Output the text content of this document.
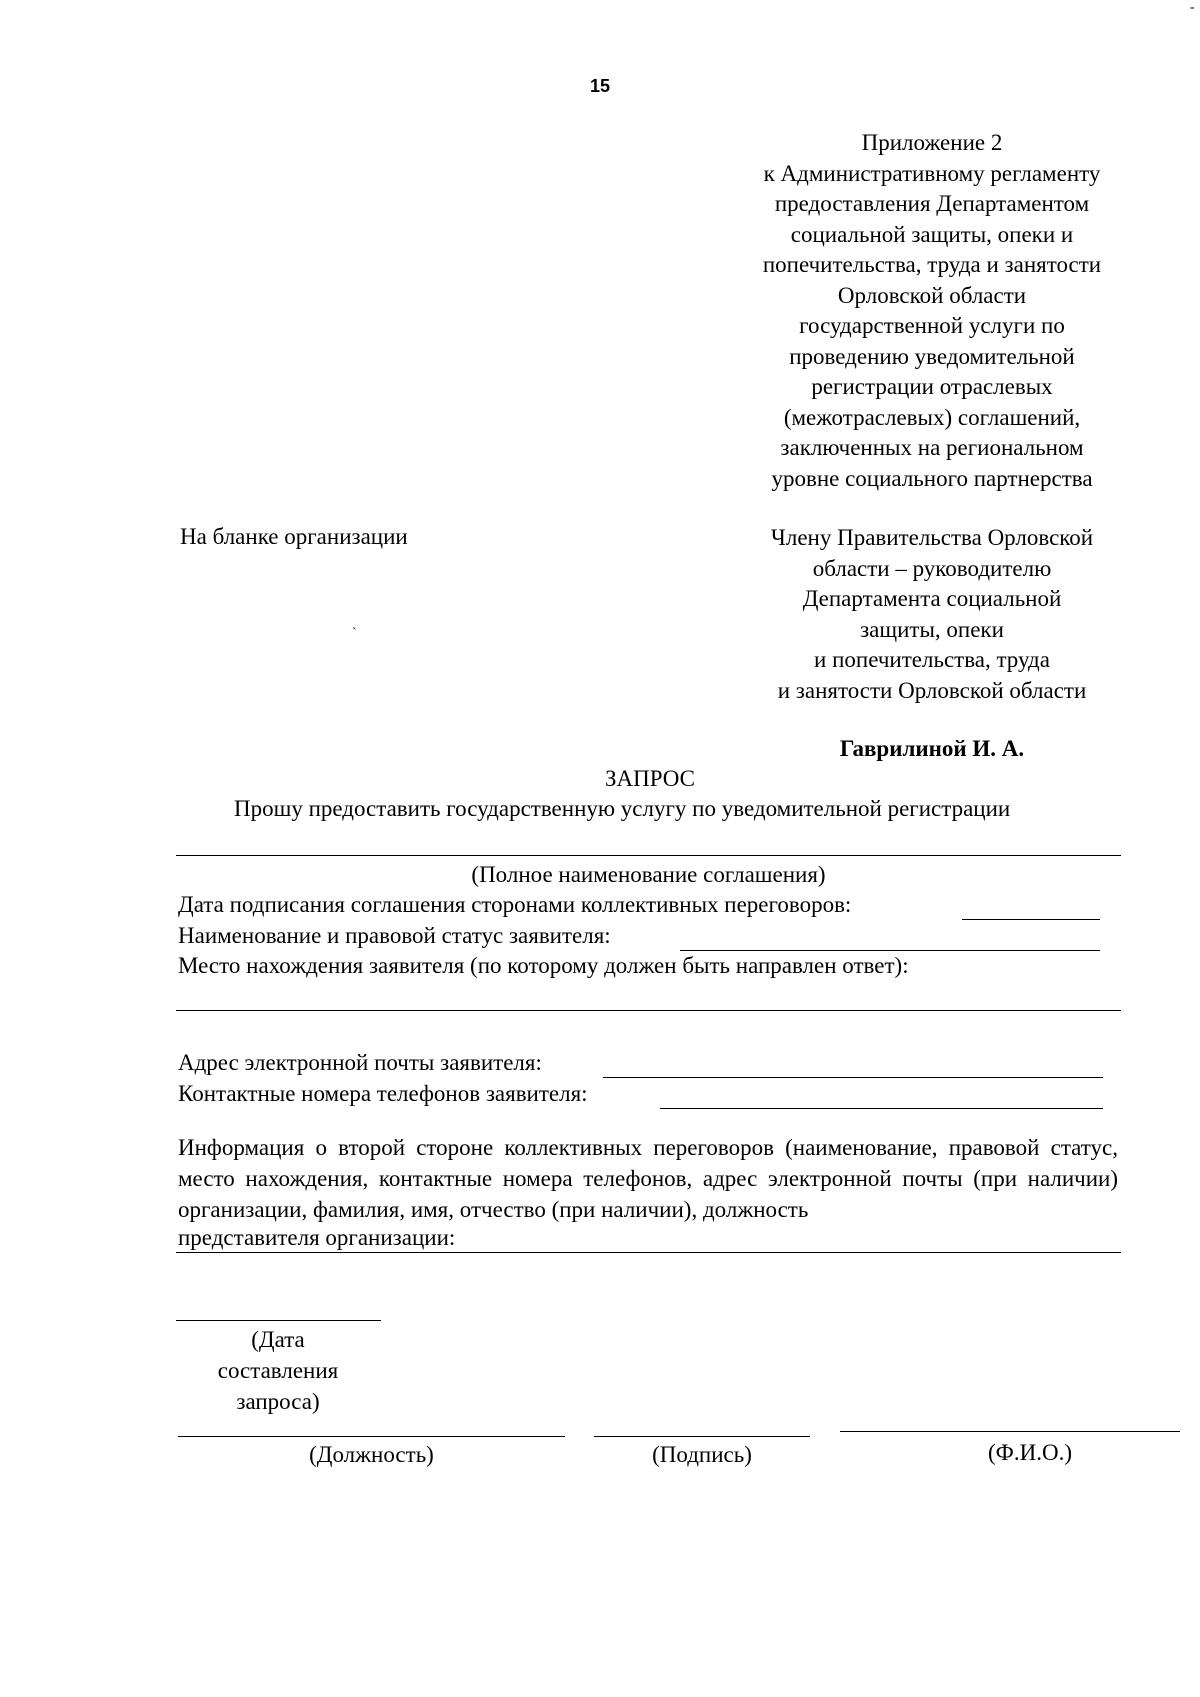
15
Приложение 2
к Административному регламенту
предоставления Департаментом
социальной защиты, опеки и
попечительства, труда и занятости
Орловской области
государственной услуги по
проведению уведомительной
регистрации отраслевых
(межотраслевых) соглашений,
заключенных на региональном
уровне социального партнерства
На бланке организации
`
-
Члену Правительства Орловской
области – руководителю
Департамента социальной
защиты, опеки
и попечительства, труда
и занятости Орловской области
Гаврилиной И. А.
ЗАПРОС
Прошу предоставить государственную услугу по уведомительной регистрации
(Полное наименование соглашения)
Дата подписания соглашения сторонами коллективных переговоров:
Наименование и правовой статус заявителя:
Место нахождения заявителя (по которому должен быть направлен ответ):
Адрес электронной почты заявителя:
Контактные номера телефонов заявителя:
Информация о второй стороне коллективных переговоров (наименование, правовой статус, место нахождения, контактные номера телефонов, адрес электронной почты (при наличии) организации, фамилия, имя, отчество (при наличии), должность
представителя организации:
(Дата
составления
запроса)
(Должность)	(Подпись)	(Ф.И.О.)
